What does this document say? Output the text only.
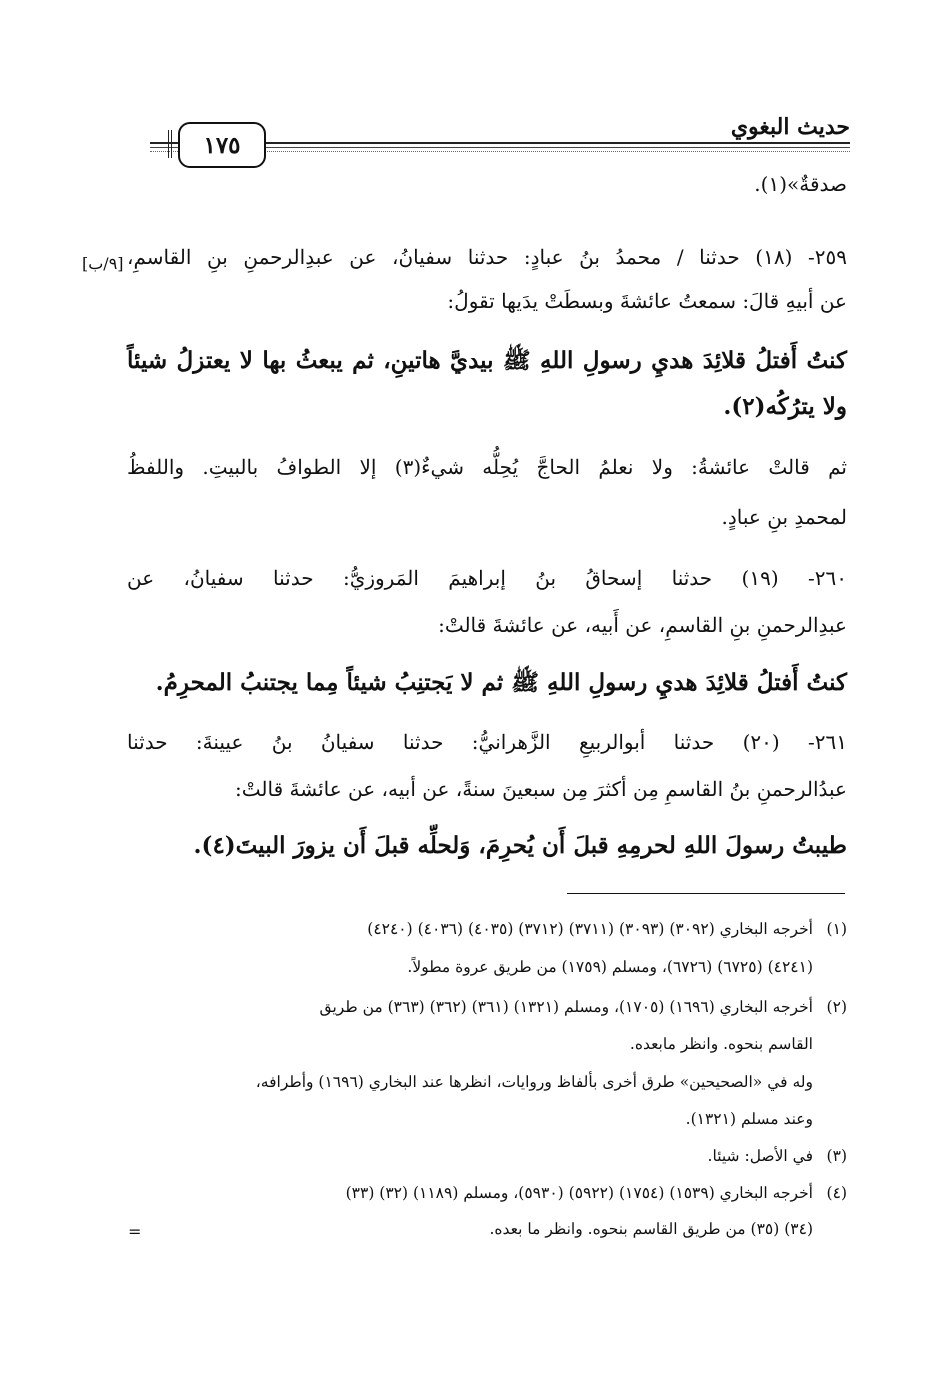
١٧٥
حديث البغوي
[٩/ب]
صدقةٌ»(١).
٢٥٩- (١٨) حدثنا / محمدُ بنُ عبادٍ: حدثنا سفيانُ، عن عبدِالرحمنِ بنِ القاسمِ،
عن أبيهِ قالَ: سمعتُ عائشةَ وبسطَتْ يدَيها تقولُ:
كنتُ أَفتلُ قلائِدَ هديِ رسولِ اللهِ ﷺ بيديَّ هاتينِ، ثم يبعثُ بها لا يعتزلُ شيئاً
ولا يترُكُه(٢).
ثم قالتْ عائشةُ: ولا نعلمُ الحاجَّ يُحِلُّه شيءٌ(٣) إلا الطوافُ بالبيتِ. واللفظُ
لمحمدِ بنِ عبادٍ.
٢٦٠- (١٩) حدثنا إسحاقُ بنُ إبراهيمَ المَروزيُّ: حدثنا سفيانُ، عن
عبدِالرحمنِ بنِ القاسمِ، عن أَبيه، عن عائشةَ قالتْ:
كنتُ أَفتلُ قلائِدَ هديِ رسولِ اللهِ ﷺ ثم لا يَجتنِبُ شيئاً مِما يجتنبُ المحرِمُ.
٢٦١- (٢٠) حدثنا أبوالربيعِ الزَّهرانيُّ: حدثنا سفيانُ بنُ عيينةَ: حدثنا
عبدُالرحمنِ بنُ القاسمِ مِن أكثرَ مِن سبعينَ سنةً، عن أبيه، عن عائشةَ قالتْ:
طيبتُ رسولَ اللهِ لحرمِهِ قبلَ أَن يُحرِمَ، وَلحلِّه قبلَ أَن يزورَ البيتَ(٤).
(١)أخرجه البخاري (٣٠٩٢) (٣٠٩٣) (٣٧١١) (٣٧١٢) (٤٠٣٥) (٤٠٣٦) (٤٢٤٠)
(٤٢٤١) (٦٧٢٥) (٦٧٢٦)، ومسلم (١٧٥٩) من طريق عروة مطولاً.
(٢)أخرجه البخاري (١٦٩٦) (١٧٠٥)، ومسلم (١٣٢١) (٣٦١) (٣٦٢) (٣٦٣) من طريق
القاسم بنحوه. وانظر مابعده.
وله في «الصحيحين» طرق أخرى بألفاظ وروايات، انظرها عند البخاري (١٦٩٦) وأطرافه،
وعند مسلم (١٣٢١).
(٣)في الأصل: شيئا.
(٤)أخرجه البخاري (١٥٣٩) (١٧٥٤) (٥٩٢٢) (٥٩٣٠)، ومسلم (١١٨٩) (٣٢) (٣٣)
(٣٤) (٣٥) من طريق القاسم بنحوه. وانظر ما بعده.
=
